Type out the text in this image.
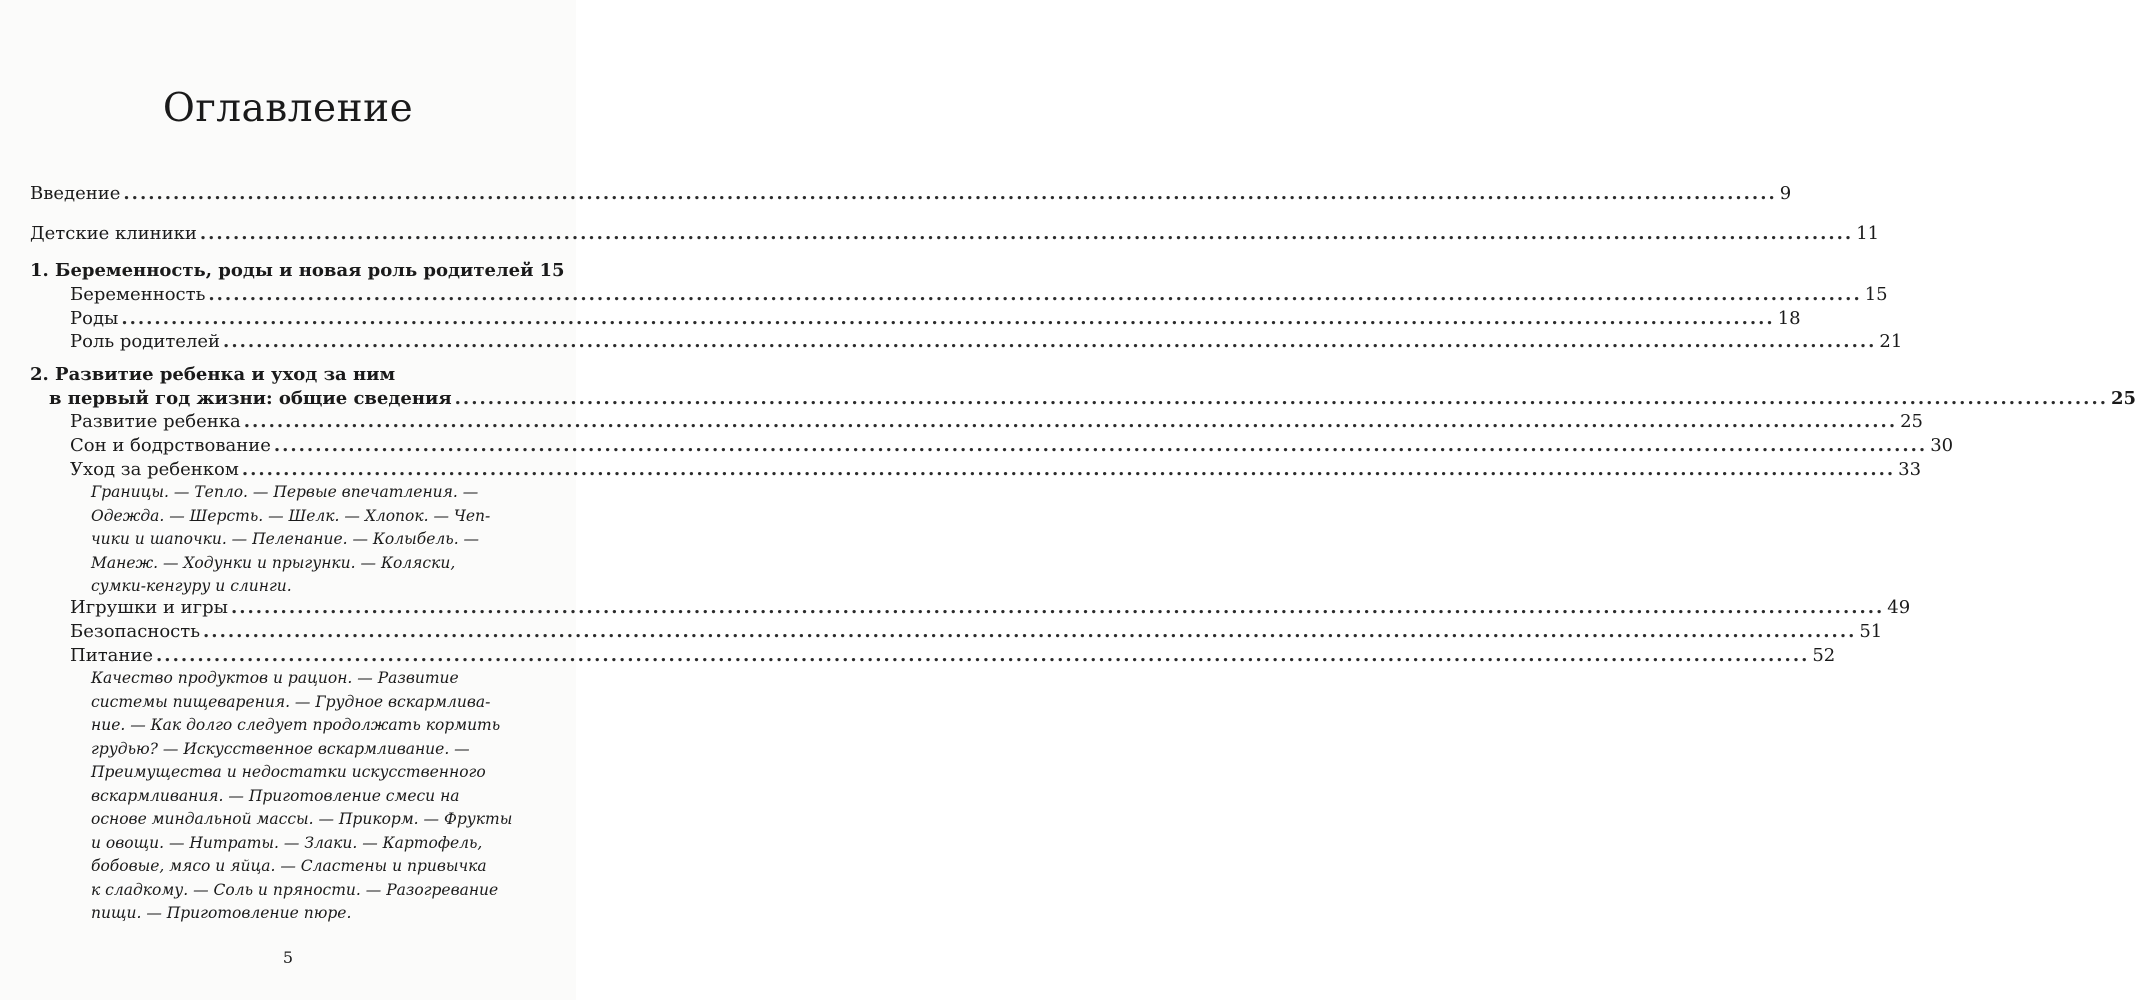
Оглавление
Введение ........................................................................................................................................................................................................ 9
Детские клиники ........................................................................................................................................................................................................ 11
1. Беременность, роды и новая роль родителей 15
Беременность ........................................................................................................................................................................................................ 15
Роды ........................................................................................................................................................................................................ 18
Роль родителей ........................................................................................................................................................................................................ 21
2. Развитие ребенка и уход за ним
в первый год жизни: общие сведения ........................................................................................................................................................................................................ 25
Развитие ребенка ........................................................................................................................................................................................................ 25
Сон и бодрствование ........................................................................................................................................................................................................ 30
Уход за ребенком ........................................................................................................................................................................................................ 33

Границы. — Тепло. — Первые впечатления. —
Одежда. — Шерсть. — Шелк. — Хлопок. — Чеп-
чики и шапочки. — Пеленание. — Колыбель. —
Манеж. — Ходунки и прыгунки. — Коляски,
сумки-кенгуру и слинги.

Игрушки и игры ........................................................................................................................................................................................................ 49
Безопасность ........................................................................................................................................................................................................ 51
Питание ........................................................................................................................................................................................................ 52

Качество продуктов и рацион. — Развитие
системы пищеварения. — Грудное вскармлива-
ние. — Как долго следует продолжать кормить
грудью? — Искусственное вскармливание. —
Преимущества и недостатки искусственного
вскармливания. — Приготовление смеси на
основе миндальной массы. — Прикорм. — Фрукты
и овощи. — Нитраты. — Злаки. — Картофель,
бобовые, мясо и яйца. — Сластены и привычка
к сладкому. — Соль и пряности. — Разогревание
пищи. — Приготовление пюре.

5
